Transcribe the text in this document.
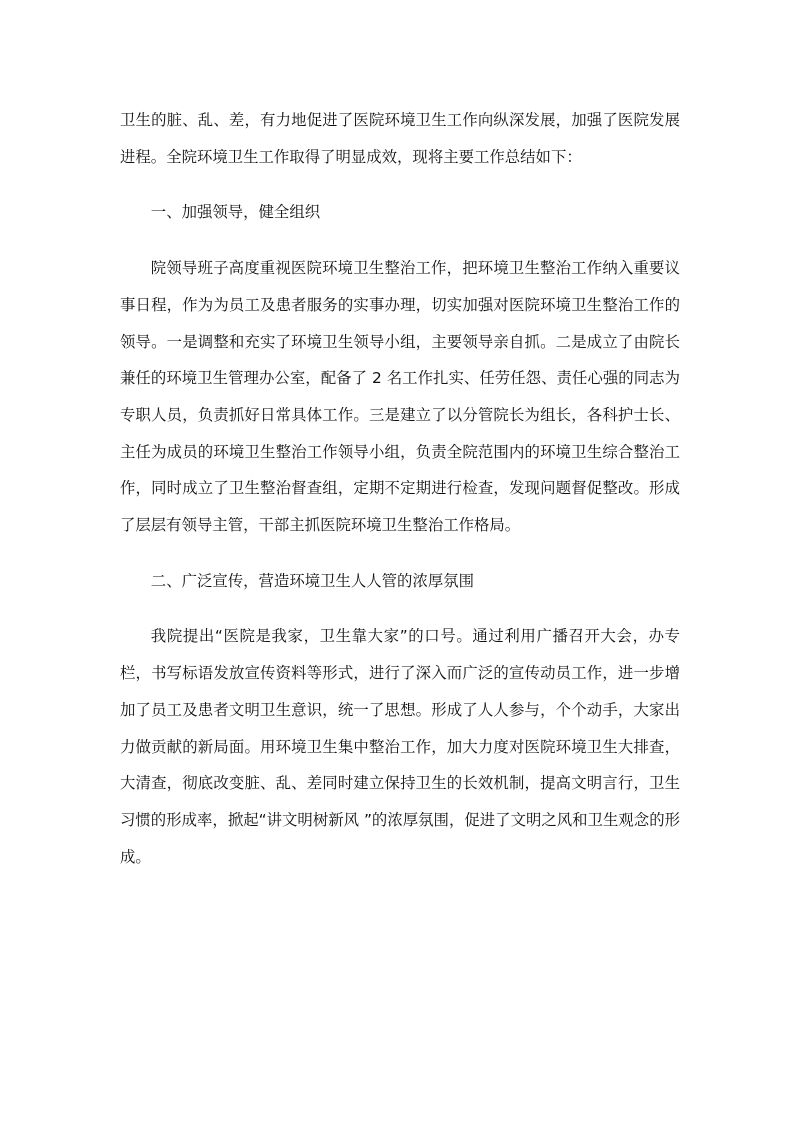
卫生的脏、乱、差，有力地促进了医院环境卫生工作向纵深发展，加强了医院发展进程。全院环境卫生工作取得了明显成效，现将主要工作总结如下：

一、加强领导，健全组织

院领导班子高度重视医院环境卫生整治工作，把环境卫生整治工作纳入重要议事日程，作为为员工及患者服务的实事办理，切实加强对医院环境卫生整治工作的领导。一是调整和充实了环境卫生领导小组，主要领导亲自抓。二是成立了由院长兼任的环境卫生管理办公室，配备了 2 名工作扎实、任劳任怨、责任心强的同志为专职人员，负责抓好日常具体工作。三是建立了以分管院长为组长，各科护士长、主任为成员的环境卫生整治工作领导小组，负责全院范围内的环境卫生综合整治工作，同时成立了卫生整治督查组，定期不定期进行检查，发现问题督促整改。形成了层层有领导主管，干部主抓医院环境卫生整治工作格局。

二、广泛宣传，营造环境卫生人人管的浓厚氛围

我院提出“医院是我家，卫生靠大家”的口号。通过利用广播召开大会，办专栏，书写标语发放宣传资料等形式，进行了深入而广泛的宣传动员工作，进一步增加了员工及患者文明卫生意识，统一了思想。形成了人人参与，个个动手，大家出力做贡献的新局面。用环境卫生集中整治工作，加大力度对医院环境卫生大排查，大清查，彻底改变脏、乱、差同时建立保持卫生的长效机制，提高文明言行，卫生习惯的形成率，掀起“讲文明树新风 ”的浓厚氛围，促进了文明之风和卫生观念的形成。
